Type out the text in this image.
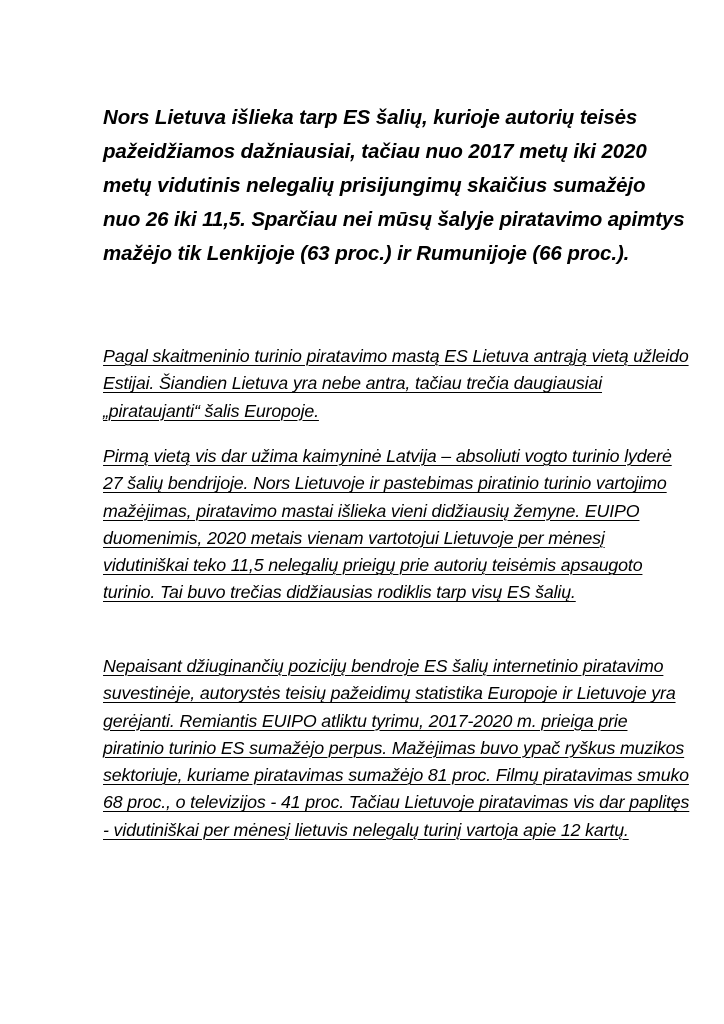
Nors Lietuva išlieka tarp ES šalių, kurioje autorių teisės pažeidžiamos dažniausiai, tačiau nuo 2017 metų iki 2020 metų vidutinis nelegalių prisijungimų skaičius sumažėjo nuo 26 iki 11,5. Sparčiau nei mūsų šalyje piratavimo apimtys mažėjo tik Lenkijoje (63 proc.) ir Rumunijoje (66 proc.).

Pagal skaitmeninio turinio piratavimo mastą ES Lietuva antrąją vietą užleido Estijai. Šiandien Lietuva yra nebe antra, tačiau trečia daugiausiai „pirataujanti“ šalis Europoje.

Pirmą vietą vis dar užima kaimyninė Latvija – absoliuti vogto turinio lyderė 27 šalių bendrijoje. Nors Lietuvoje ir pastebimas piratinio turinio vartojimo mažėjimas, piratavimo mastai išlieka vieni didžiausių žemyne. EUIPO duomenimis, 2020 metais vienam vartotojui Lietuvoje per mėnesį vidutiniškai teko 11,5 nelegalių prieigų prie autorių teisėmis apsaugoto turinio. Tai buvo trečias didžiausias rodiklis tarp visų ES šalių.

Nepaisant džiuginančių pozicijų bendroje ES šalių internetinio piratavimo suvestinėje, autorystės teisių pažeidimų statistika Europoje ir Lietuvoje yra gerėjanti. Remiantis EUIPO atliktu tyrimu, 2017-2020 m. prieiga prie piratinio turinio ES sumažėjo perpus. Mažėjimas buvo ypač ryškus muzikos sektoriuje, kuriame piratavimas sumažėjo 81 proc. Filmų piratavimas smuko 68 proc., o televizijos - 41 proc. Tačiau Lietuvoje piratavimas vis dar paplitęs - vidutiniškai per mėnesį lietuvis nelegalų turinį vartoja apie 12 kartų.
